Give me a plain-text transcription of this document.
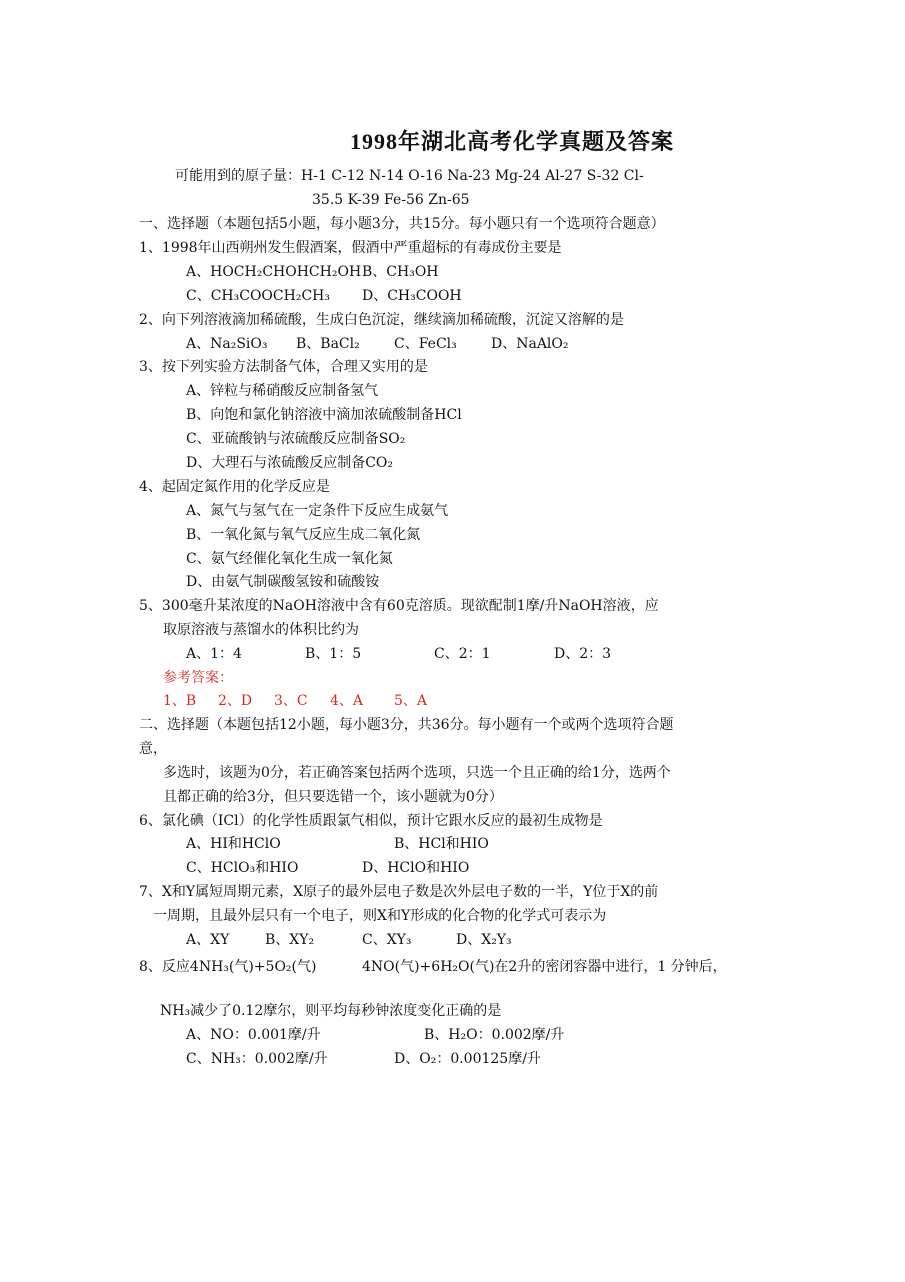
1998年湖北高考化学真题及答案
可能用到的原子量：H-1 C-12 N-14 O-16 Na-23 Mg-24 Al-27 S-32 Cl-
35.5 K-39 Fe-56 Zn-65
一、选择题（本题包括5小题，每小题3分，共15分。每小题只有一个选项符合题意）
1、1998年山西朔州发生假酒案，假酒中严重超标的有毒成份主要是
A、HOCH₂CHOHCH₂OH B、CH₃OH
C、CH₃COOCH₂CH₃ D、CH₃COOH
2、向下列溶液滴加稀硫酸，生成白色沉淀，继续滴加稀硫酸，沉淀又溶解的是
A、Na₂SiO₃ B、BaCl₂ C、FeCl₃ D、NaAlO₂
3、按下列实验方法制备气体，合理又实用的是
A、锌粒与稀硝酸反应制备氢气
B、向饱和氯化钠溶液中滴加浓硫酸制备HCl
C、亚硫酸钠与浓硫酸反应制备SO₂
D、大理石与浓硫酸反应制备CO₂
4、起固定氮作用的化学反应是
A、氮气与氢气在一定条件下反应生成氨气
B、一氧化氮与氧气反应生成二氧化氮
C、氨气经催化氧化生成一氧化氮
D、由氨气制碳酸氢铵和硫酸铵
5、300毫升某浓度的NaOH溶液中含有60克溶质。现欲配制1摩/升NaOH溶液，应
取原溶液与蒸馏水的体积比约为
A、1：4	B、1：5	C、2：1	D、2：3
参考答案：
1、B 2、D 3、C 4、A 5、A
二、选择题（本题包括12小题，每小题3分，共36分。每小题有一个或两个选项符合题
意，
多选时，该题为0分，若正确答案包括两个选项，只选一个且正确的给1分，选两个
且都正确的给3分，但只要选错一个，该小题就为0分）
6、氯化碘（ICl）的化学性质跟氯气相似，预计它跟水反应的最初生成物是
A、HI和HClO	B、HCl和HIO
C、HClO₃和HIO	D、HClO和HIO
7、X和Y属短周期元素，X原子的最外层电子数是次外层电子数的一半，Y位于X的前
一周期，且最外层只有一个电子，则X和Y形成的化合物的化学式可表示为
A、XY	B、XY₂	C、XY₃	D、X₂Y₃
8、反应4NH₃(气)+5O₂(气)	4NO(气)+6H₂O(气)在2升的密闭容器中进行，1 分钟后，
NH₃减少了0.12摩尔，则平均每秒钟浓度变化正确的是
A、NO：0.001摩/升	B、H₂O：0.002摩/升
C、NH₃：0.002摩/升	D、O₂：0.00125摩/升
